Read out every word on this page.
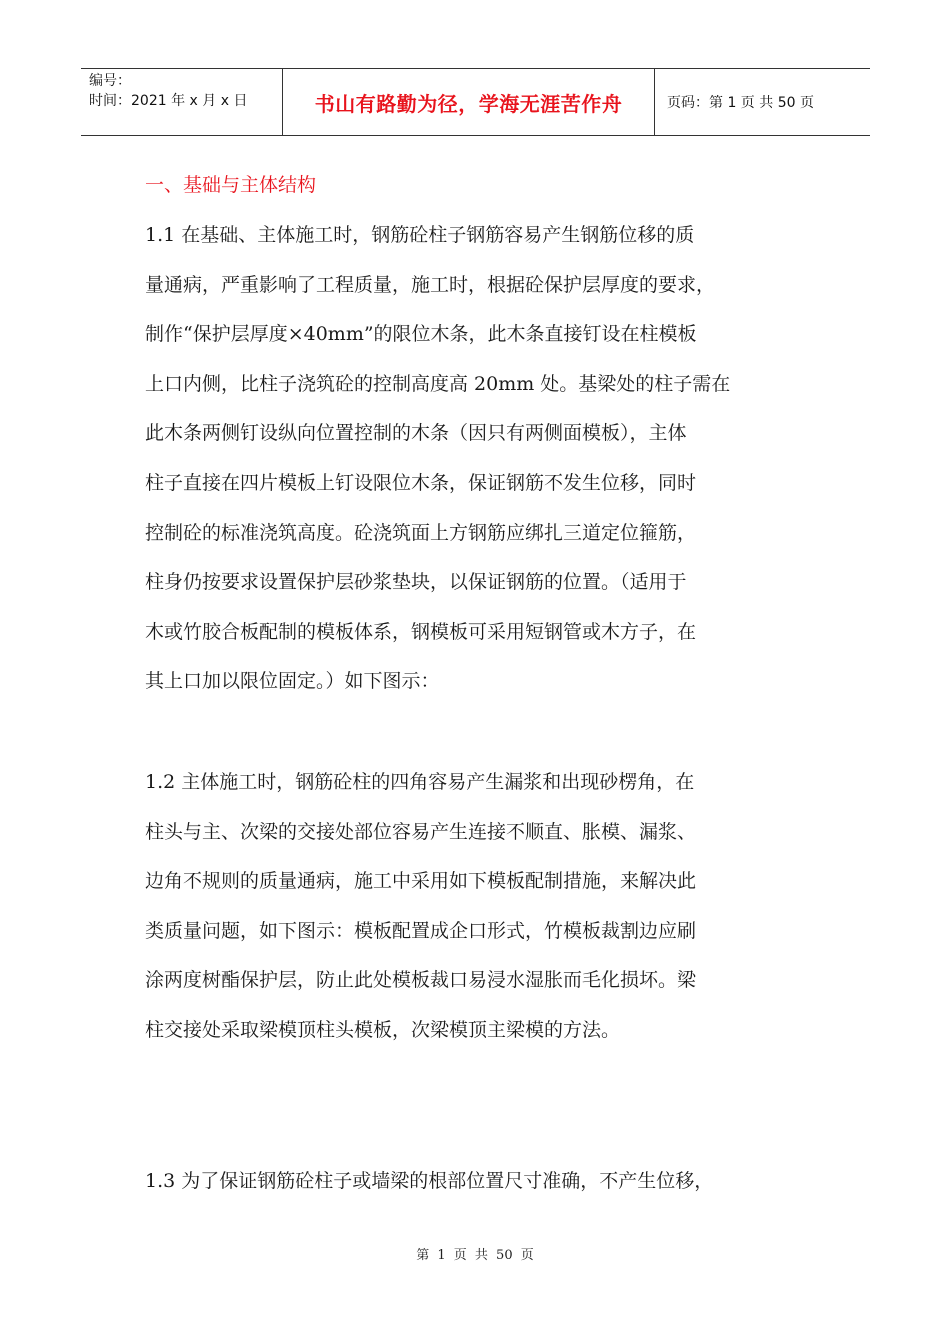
编号：
时间：2021 年 x 月 x 日	书山有路勤为径，学海无涯苦作舟	页码：第 1 页 共 50 页
一、基础与主体结构
1.1 在基础、主体施工时，钢筋砼柱子钢筋容易产生钢筋位移的质
量通病，严重影响了工程质量，施工时，根据砼保护层厚度的要求，
制作“保护层厚度×40mm”的限位木条，此木条直接钉设在柱模板
上口内侧，比柱子浇筑砼的控制高度高 20mm 处。基梁处的柱子需在
此木条两侧钉设纵向位置控制的木条（因只有两侧面模板），主体
柱子直接在四片模板上钉设限位木条，保证钢筋不发生位移，同时
控制砼的标准浇筑高度。砼浇筑面上方钢筋应绑扎三道定位箍筋，
柱身仍按要求设置保护层砂浆垫块，以保证钢筋的位置。（适用于
木或竹胶合板配制的模板体系，钢模板可采用短钢管或木方子，在
其上口加以限位固定。）如下图示：
1.2 主体施工时，钢筋砼柱的四角容易产生漏浆和出现砂楞角，在
柱头与主、次梁的交接处部位容易产生连接不顺直、胀模、漏浆、
边角不规则的质量通病，施工中采用如下模板配制措施，来解决此
类质量问题，如下图示：模板配置成企口形式，竹模板裁割边应刷
涂两度树酯保护层，防止此处模板裁口易浸水湿胀而毛化损坏。梁
柱交接处采取梁模顶柱头模板，次梁模顶主梁模的方法。
1.3 为了保证钢筋砼柱子或墙梁的根部位置尺寸准确，不产生位移，
第 1 页 共 50 页
